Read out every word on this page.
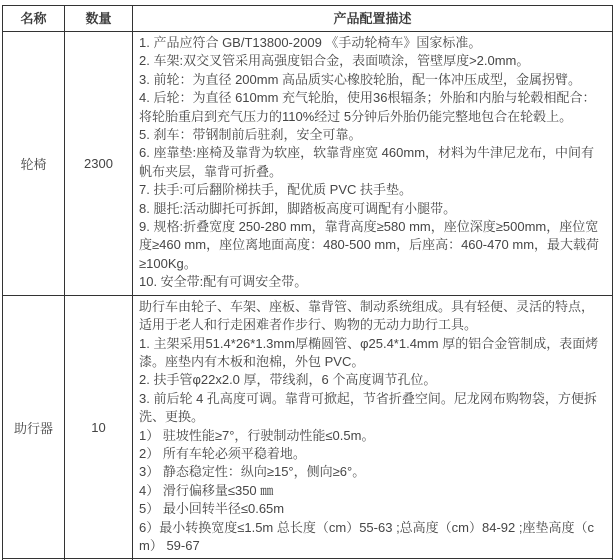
名称	数量	产品配置描述
轮椅	2300	

1. 产品应符合 GB/T13800-2009 《手动轮椅车》国家标准。

2. 车架:双交叉管采用高强度铝合金，表面喷涂，管壁厚度>2.0mm。

3. 前轮：为直径 200mm 高品质实心橡胶轮胎，配一体冲压成型，金属拐臂。

4. 后轮：为直径 610mm 充气轮胎，使用36根辐条；外胎和内胎与轮毂相配合：将轮胎重启到充气压力的110%经过 5分钟后外胎仍能完整地包合在轮毂上。

5. 刹车：带钢制前后驻刹，安全可靠。

6. 座靠垫:座椅及靠背为软座，软靠背座宽 460mm，材料为牛津尼龙布，中间有帆布夹层，靠背可折叠。

7. 扶手:可后翻阶梯扶手，配优质 PVC 扶手垫。

8. 腿托:活动脚托可拆卸，脚踏板高度可调配有小腿带。

9. 规格:折叠宽度 250-280 mm，靠背高度≥580 mm，座位深度≥500mm，座位宽度≥460 mm，座位离地面高度：480-500 mm，后座高：460-470 mm，最大载荷≥100Kg。

10. 安全带:配有可调安全带。

助行器	10	

助行车由轮子、车架、座板、靠背管、制动系统组成。具有轻便、灵活的特点，适用于老人和行走困难者作步行、购物的无动力助行工具。

1. 主架采用51.4*26*1.3mm厚椭圆管、φ25.4*1.4mm 厚的铝合金管制成，表面烤漆。座垫内有木板和泡棉，外包 PVC。

2. 扶手管φ22x2.0 厚，带线刹，6 个高度调节孔位。

3. 前后轮 4 孔高度可调。靠背可掀起，节省折叠空间。尼龙网布购物袋，方便拆洗、更换。

1） 驻坡性能≥7°，行驶制动性能≤0.5m。

2） 所有车轮必须平稳着地。

3） 静态稳定性：纵向≥15°，侧向≥6°。

4） 滑行偏移量≤350 ㎜

5） 最小回转半径≤0.65m

6）最小转换宽度≤1.5m 总长度（cm）55-63 ;总高度（cm）84-92 ;座垫高度（cm） 59-67
